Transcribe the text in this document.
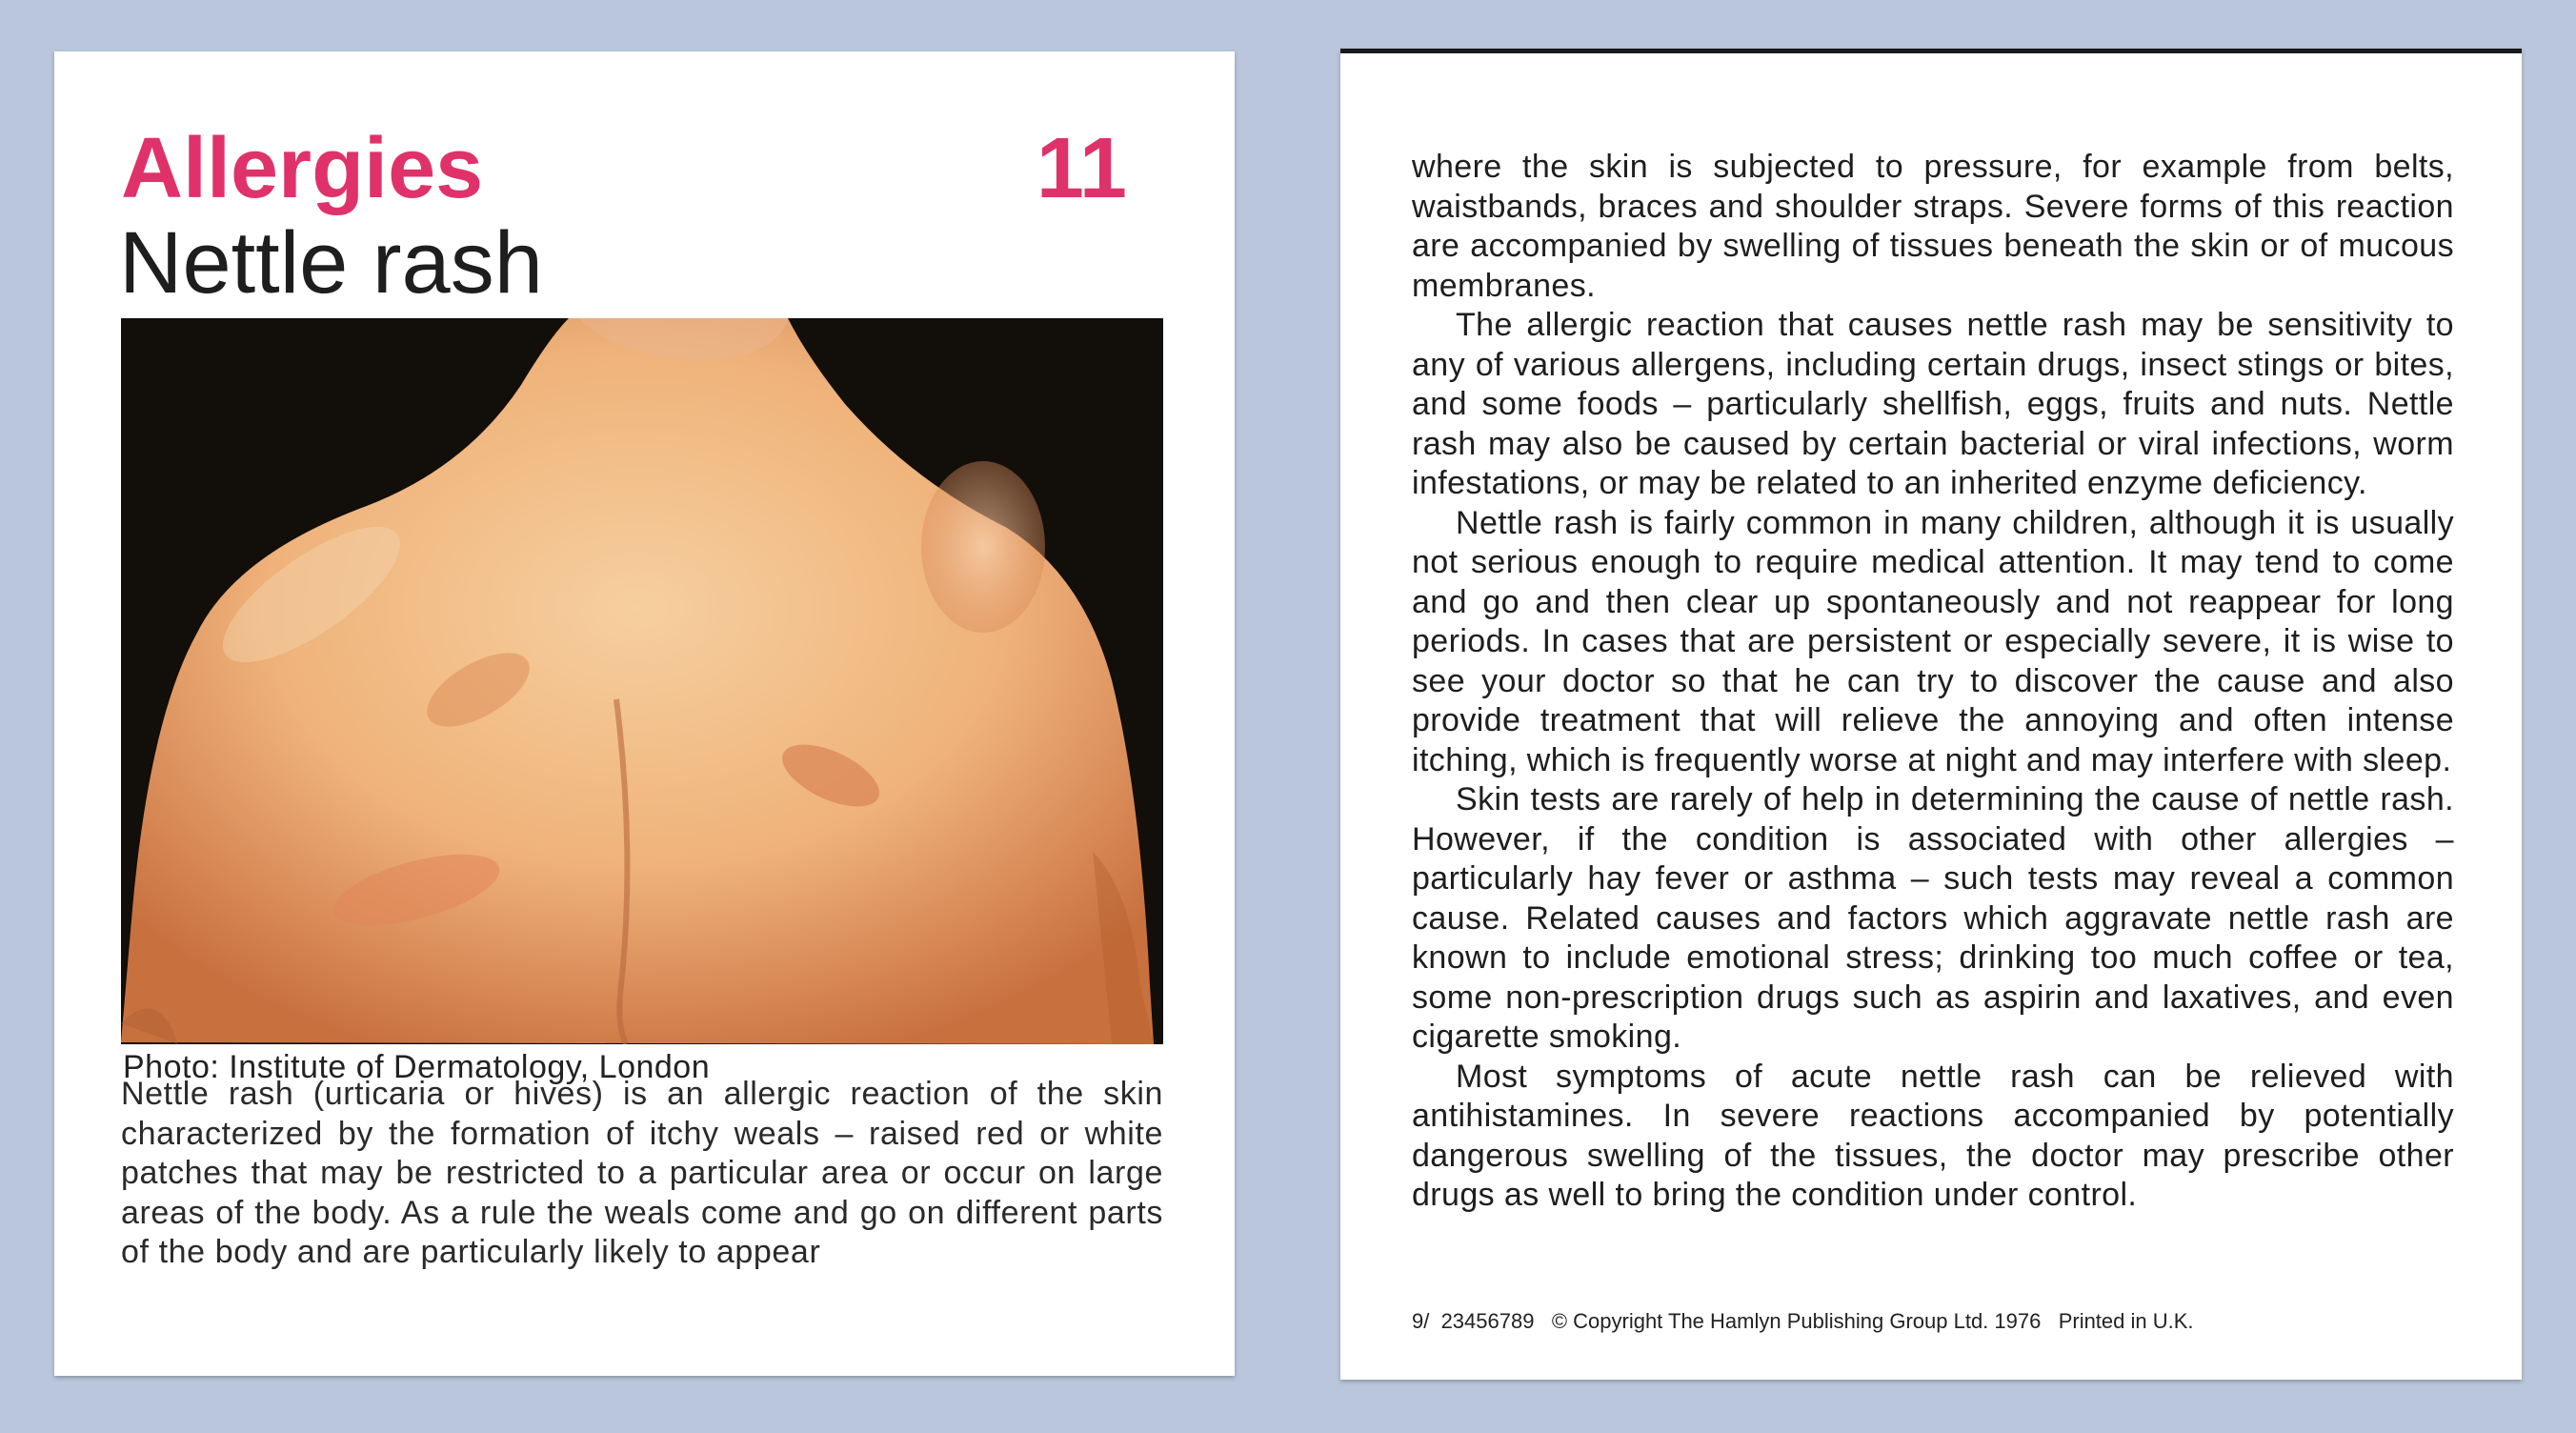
Allergies	11
Nettle rash
Photo: Institute of Dermatology, London
Nettle rash (urticaria or hives) is an allergic reaction of the skin characterized by the formation of itchy weals – raised red or white patches that may be restricted to a particular area or occur on large areas of the body. As a rule the weals come and go on different parts of the body and are particularly likely to appear

where the skin is subjected to pressure, for example from belts, waistbands, braces and shoulder straps. Severe forms of this reaction are accompanied by swelling of tissues beneath the skin or of mucous membranes.

The allergic reaction that causes nettle rash may be sensitivity to any of various allergens, including certain drugs, insect stings or bites, and some foods – particularly shellfish, eggs, fruits and nuts. Nettle rash may also be caused by certain bacterial or viral infections, worm infestations, or may be related to an inherited enzyme deficiency.

Nettle rash is fairly common in many children, although it is usually not serious enough to require medical attention. It may tend to come and go and then clear up spontaneously and not reappear for long periods. In cases that are persistent or especially severe, it is wise to see your doctor so that he can try to discover the cause and also provide treatment that will relieve the annoying and often intense itching, which is frequently worse at night and may interfere with sleep.

Skin tests are rarely of help in determining the cause of nettle rash. However, if the condition is associated with other allergies – particularly hay fever or asthma – such tests may reveal a common cause. Related causes and factors which aggravate nettle rash are known to include emotional stress; drinking too much coffee or tea, some non-prescription drugs such as aspirin and laxatives, and even cigarette smoking.

Most symptoms of acute nettle rash can be relieved with antihistamines. In severe reactions accompanied by potentially dangerous swelling of the tissues, the doctor may prescribe other drugs as well to bring the condition under control.

9/  23456789 © Copyright The Hamlyn Publishing Group Ltd. 1976 Printed in U.K.
